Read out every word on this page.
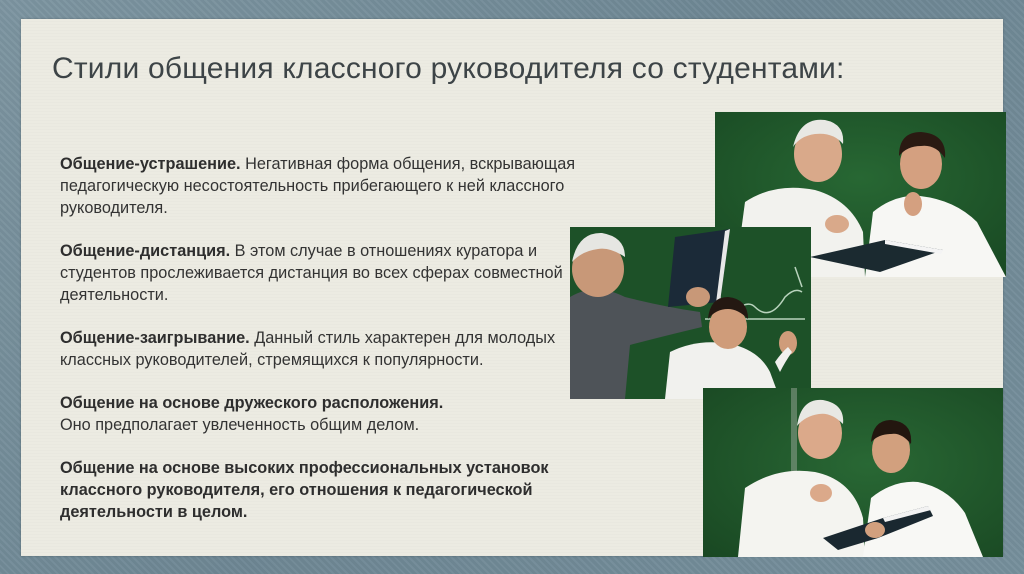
Стили общения классного руководителя со студентами:

Общение-устрашение. Негативная форма общения, вскрывающая педагогическую несостоятельность прибегающего к ней классного руководителя.

Общение-дистанция. В этом случае в отношениях куратора и студентов прослеживается дистанция во всех сферах совместной деятельности.

Общение-заигрывание. Данный стиль характерен для молодых классных руководителей, стремящихся к популярности.

Общение на основе дружеского расположения.
Оно предполагает увлеченность общим делом.

Общение на основе высоких профессиональных установок классного руководителя, его отношения к педагогической деятельности в целом.
